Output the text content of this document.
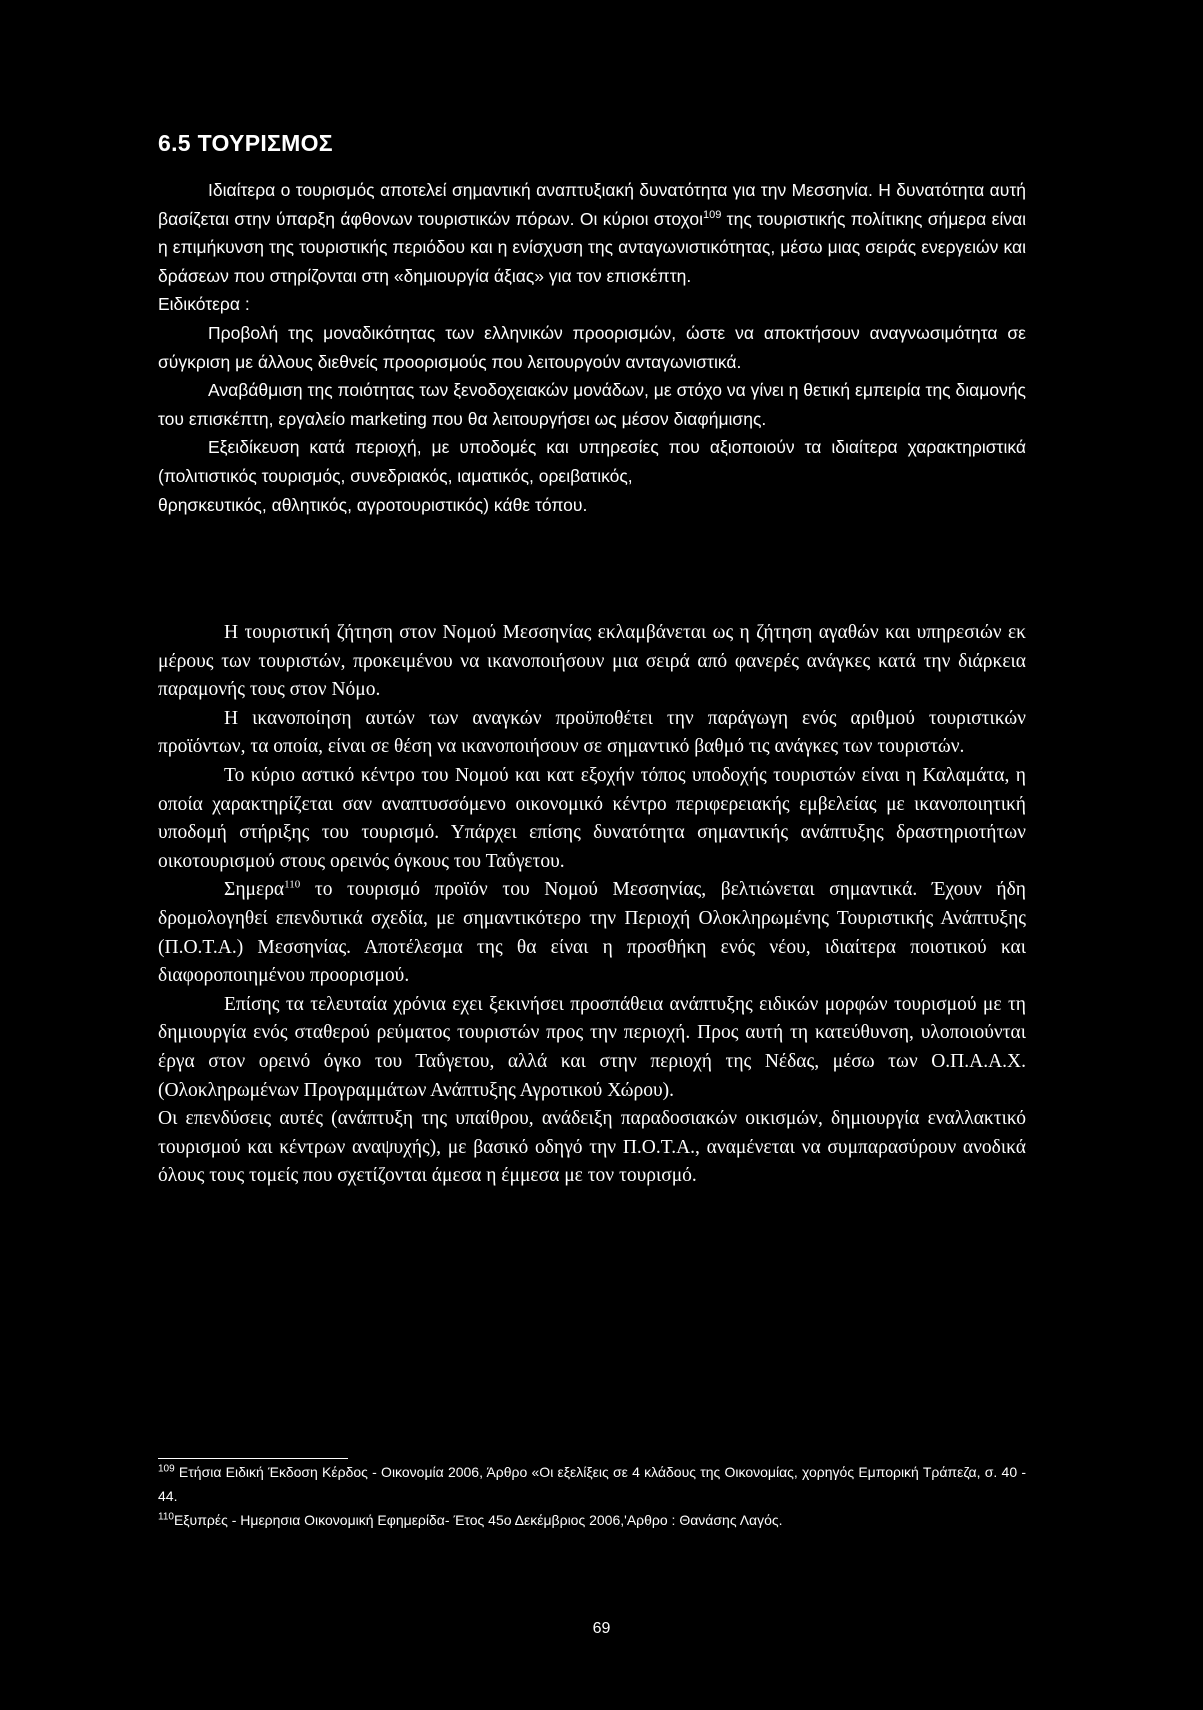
6.5 ΤΟΥΡΙΣΜΟΣ

Ιδιαίτερα ο τουρισμός αποτελεί σημαντική αναπτυξιακή δυνατότητα για την Μεσσηνία. Η δυνατότητα αυτή βασίζεται στην ύπαρξη άφθονων τουριστικών πόρων. Οι κύριοι στοχοι$^{109}$ της τουριστικής πολίτικης σήμερα είναι η επιμήκυνση της τουριστικής περιόδου και η ενίσχυση της ανταγωνιστικότητας, μέσω μιας σειράς ενεργειών και δράσεων που στηρίζονται στη «δημιουργία άξιας» για τον επισκέπτη.

Ειδικότερα :

Προβολή της μοναδικότητας των ελληνικών προορισμών, ώστε να αποκτήσουν αναγνωσιμότητα σε σύγκριση με άλλους διεθνείς προορισμούς που λειτουργούν ανταγωνιστικά.

Αναβάθμιση της ποιότητας των ξενοδοχειακών μονάδων, με στόχο να γίνει η θετική εμπειρία της διαμονής του επισκέπτη, εργαλείο marketing που θα λειτουργήσει ως μέσον διαφήμισης.

Εξειδίκευση κατά περιοχή, με υποδομές και υπηρεσίες που αξιοποιούν τα ιδιαίτερα χαρακτηριστικά (πολιτιστικός τουρισμός, συνεδριακός, ιαματικός, ορειβατικός,

θρησκευτικός, αθλητικός, αγροτουριστικός) κάθε τόπου.

Η τουριστική ζήτηση στον Νομού Μεσσηνίας εκλαμβάνεται ως η ζήτηση αγαθών και υπηρεσιών εκ μέρους των τουριστών, προκειμένου να ικανοποιήσουν μια σειρά από φανερές ανάγκες κατά την διάρκεια παραμονής τους στον Νόμο.

Η ικανοποίηση αυτών των αναγκών προϋποθέτει την παράγωγη ενός αριθμού τουριστικών προϊόντων, τα οποία, είναι σε θέση να ικανοποιήσουν σε σημαντικό βαθμό τις ανάγκες των τουριστών.

Το κύριο αστικό κέντρο του Νομού και κατ εξοχήν τόπος υποδοχής τουριστών είναι η Καλαμάτα, η οποία χαρακτηρίζεται σαν αναπτυσσόμενο οικονομικό κέντρο περιφερειακής εμβελείας με ικανοποιητική υποδομή στήριξης του τουρισμό. Υπάρχει επίσης δυνατότητα σημαντικής ανάπτυξης δραστηριοτήτων οικοτουρισμού στους ορεινός όγκους του Ταΰγετου.

Σημερα$^{110}$ το τουρισμό προϊόν του Νομού Μεσσηνίας, βελτιώνεται σημαντικά. Έχουν ήδη δρομολογηθεί επενδυτικά σχεδία, με σημαντικότερο την Περιοχή Ολοκληρωμένης Τουριστικής Ανάπτυξης (Π.Ο.Τ.Α.) Μεσσηνίας. Αποτέλεσμα της θα είναι η προσθήκη ενός νέου, ιδιαίτερα ποιοτικού και διαφοροποιημένου προορισμού.

Επίσης τα τελευταία χρόνια εχει ξεκινήσει προσπάθεια ανάπτυξης ειδικών μορφών τουρισμού με τη δημιουργία ενός σταθερού ρεύματος τουριστών προς την περιοχή. Προς αυτή τη κατεύθυνση, υλοποιούνται έργα στον ορεινό όγκο του Ταΰγετου, αλλά και στην περιοχή της Νέδας, μέσω των Ο.Π.Α.Α.Χ. (Ολοκληρωμένων Προγραμμάτων Ανάπτυξης Αγροτικού Χώρου).

Οι επενδύσεις αυτές (ανάπτυξη της υπαίθρου, ανάδειξη παραδοσιακών οικισμών, δημιουργία εναλλακτικό τουρισμού και κέντρων αναψυχής), με βασικό οδηγό την Π.Ο.Τ.Α., αναμένεται να συμπαρασύρουν ανοδικά όλους τους τομείς που σχετίζονται άμεσα η έμμεσα με τον τουρισμό.

$^{109}$ Ετήσια Ειδική Έκδοση Κέρδος - Οικονομία 2006, Άρθρο «Οι εξελίξεις σε 4 κλάδους της Οικονομίας, χορηγός Εμπορική Τράπεζα, σ. 40 - 44.

$^{110}$Εξυπρές - Ημερησια Οικονομική Εφημερίδα- Έτος 45ο Δεκέμβριος 2006,'Αρθρο : Θανάσης Λαγός.

69
